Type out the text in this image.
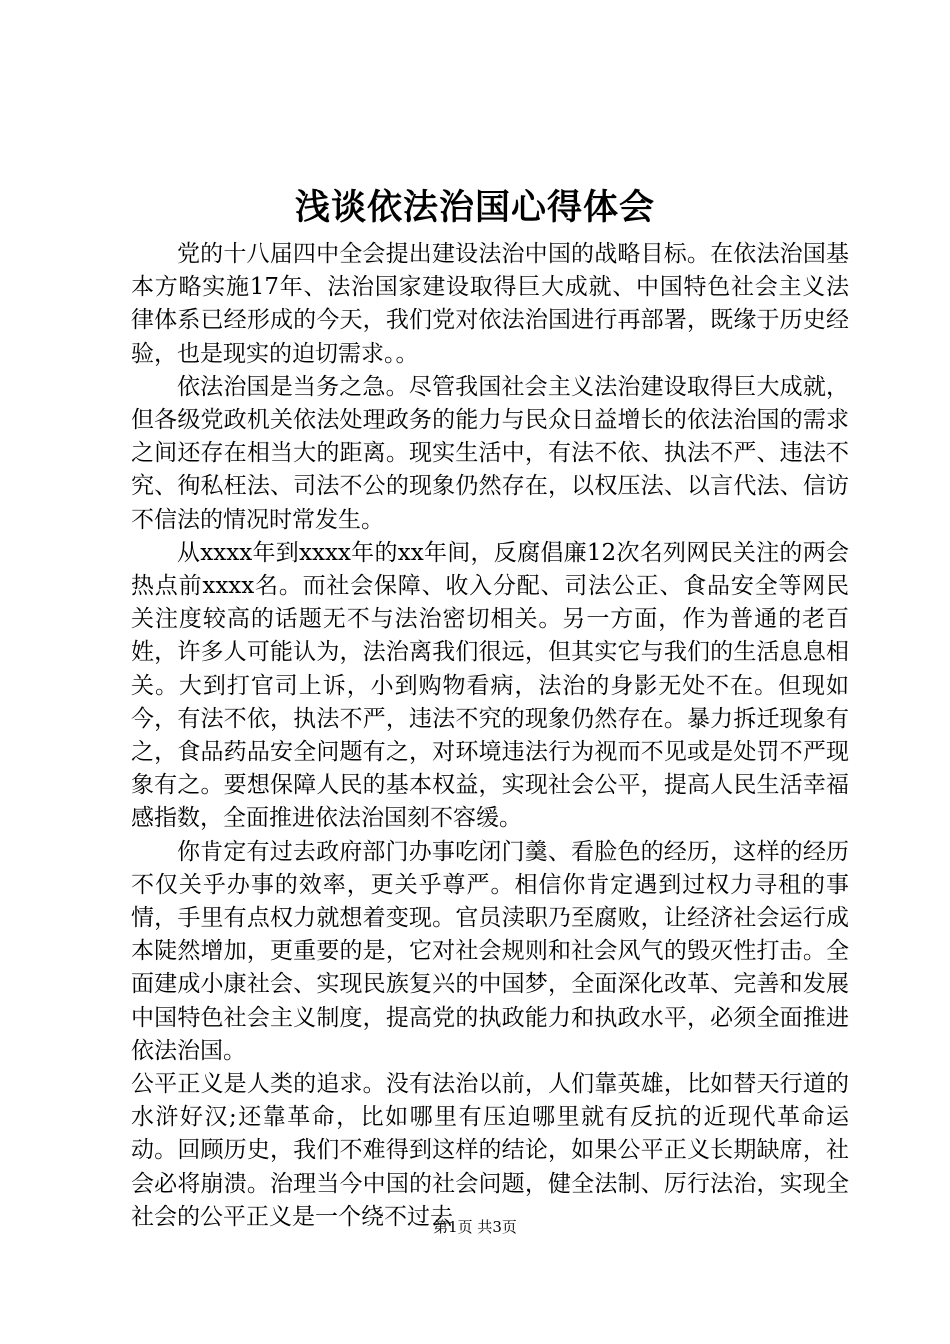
浅谈依法治国心得体会

党的十八届四中全会提出建设法治中国的战略目标。在依法治国基本方略实施17年、法治国家建设取得巨大成就、中国特色社会主义法律体系已经形成的今天，我们党对依法治国进行再部署，既缘于历史经验，也是现实的迫切需求。。

依法治国是当务之急。尽管我国社会主义法治建设取得巨大成就，但各级党政机关依法处理政务的能力与民众日益增长的依法治国的需求之间还存在相当大的距离。现实生活中，有法不依、执法不严、违法不究、徇私枉法、司法不公的现象仍然存在，以权压法、以言代法、信访不信法的情况时常发生。

从xxxx年到xxxx年的xx年间，反腐倡廉12次名列网民关注的两会热点前xxxx名。而社会保障、收入分配、司法公正、食品安全等网民关注度较高的话题无不与法治密切相关。另一方面，作为普通的老百姓，许多人可能认为，法治离我们很远，但其实它与我们的生活息息相关。大到打官司上诉，小到购物看病，法治的身影无处不在。但现如今，有法不依，执法不严，违法不究的现象仍然存在。暴力拆迁现象有之，食品药品安全问题有之，对环境违法行为视而不见或是处罚不严现象有之。要想保障人民的基本权益，实现社会公平，提高人民生活幸福感指数，全面推进依法治国刻不容缓。

你肯定有过去政府部门办事吃闭门羹、看脸色的经历，这样的经历不仅关乎办事的效率，更关乎尊严。相信你肯定遇到过权力寻租的事情，手里有点权力就想着变现。官员渎职乃至腐败，让经济社会运行成本陡然增加，更重要的是，它对社会规则和社会风气的毁灭性打击。全面建成小康社会、实现民族复兴的中国梦，全面深化改革、完善和发展中国特色社会主义制度，提高党的执政能力和执政水平，必须全面推进依法治国。

公平正义是人类的追求。没有法治以前，人们靠英雄，比如替天行道的水浒好汉;还靠革命，比如哪里有压迫哪里就有反抗的近现代革命运动。回顾历史，我们不难得到这样的结论，如果公平正义长期缺席，社会必将崩溃。治理当今中国的社会问题，健全法制、厉行法治，实现全社会的公平正义是一个绕不过去

第1页 共3页
